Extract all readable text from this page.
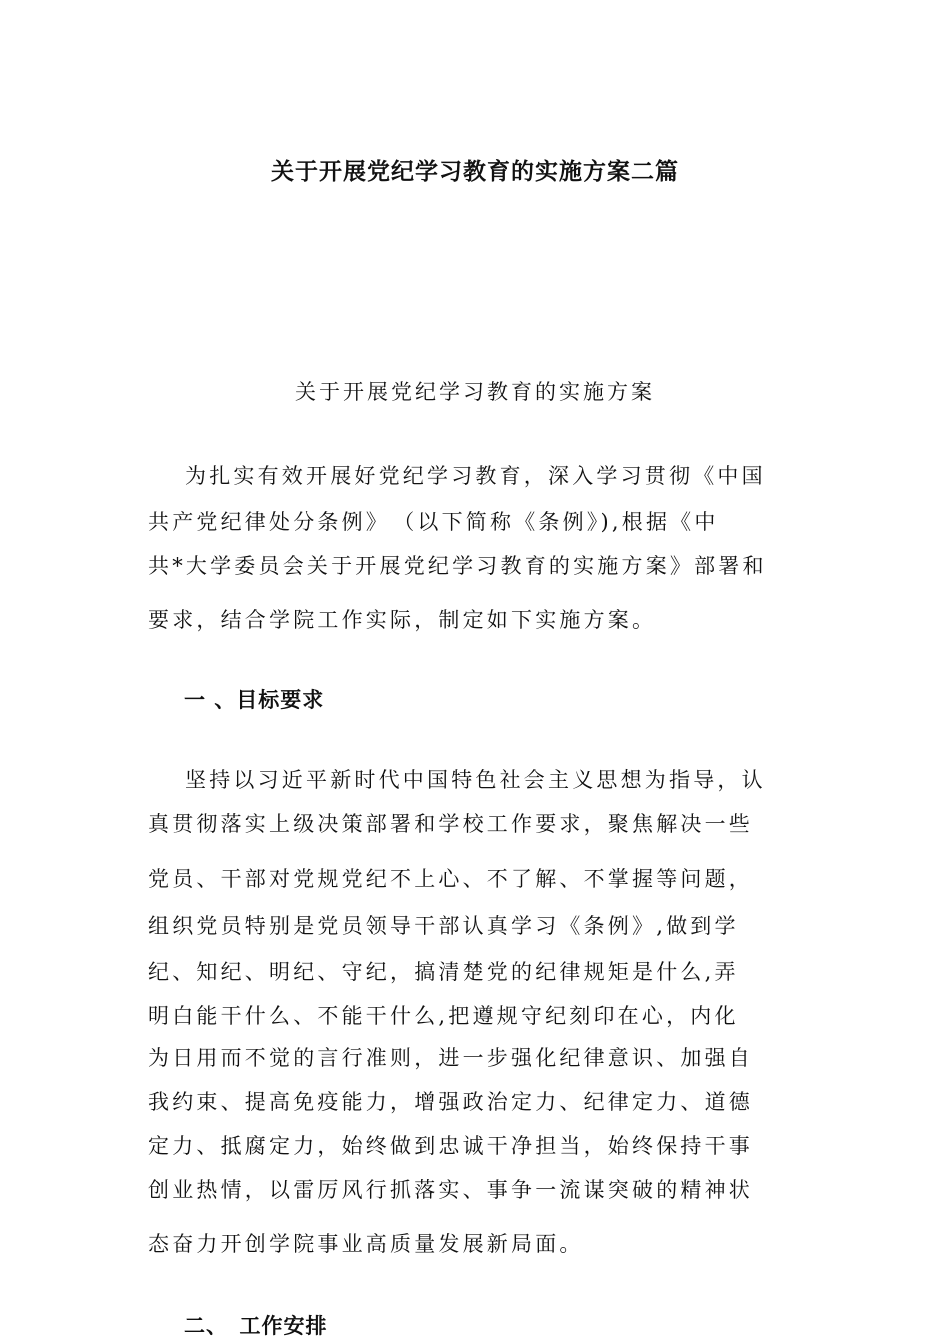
关于开展党纪学习教育的实施方案二篇
关于开展党纪学习教育的实施方案
为扎实有效开展好党纪学习教育，深入学习贯彻《中国
共产党纪律处分条例》　（以下简称《条例》),根据《中
共*大学委员会关于开展党纪学习教育的实施方案》部署和
要求，结合学院工作实际，制定如下实施方案。
一 、目标要求
坚持以习近平新时代中国特色社会主义思想为指导，认
真贯彻落实上级决策部署和学校工作要求，聚焦解决一些
党员、干部对党规党纪不上心、不了解、不掌握等问题，
组织党员特别是党员领导干部认真学习《条例》,做到学
纪、知纪、明纪、守纪，搞清楚党的纪律规矩是什么,弄
明白能干什么、不能干什么,把遵规守纪刻印在心，内化
为日用而不觉的言行准则，进一步强化纪律意识、加强自
我约束、提高免疫能力，增强政治定力、纪律定力、道德
定力、抵腐定力，始终做到忠诚干净担当，始终保持干事
创业热情，以雷厉风行抓落实、事争一流谋突破的精神状
态奋力开创学院事业高质量发展新局面。
二、　工作安排
